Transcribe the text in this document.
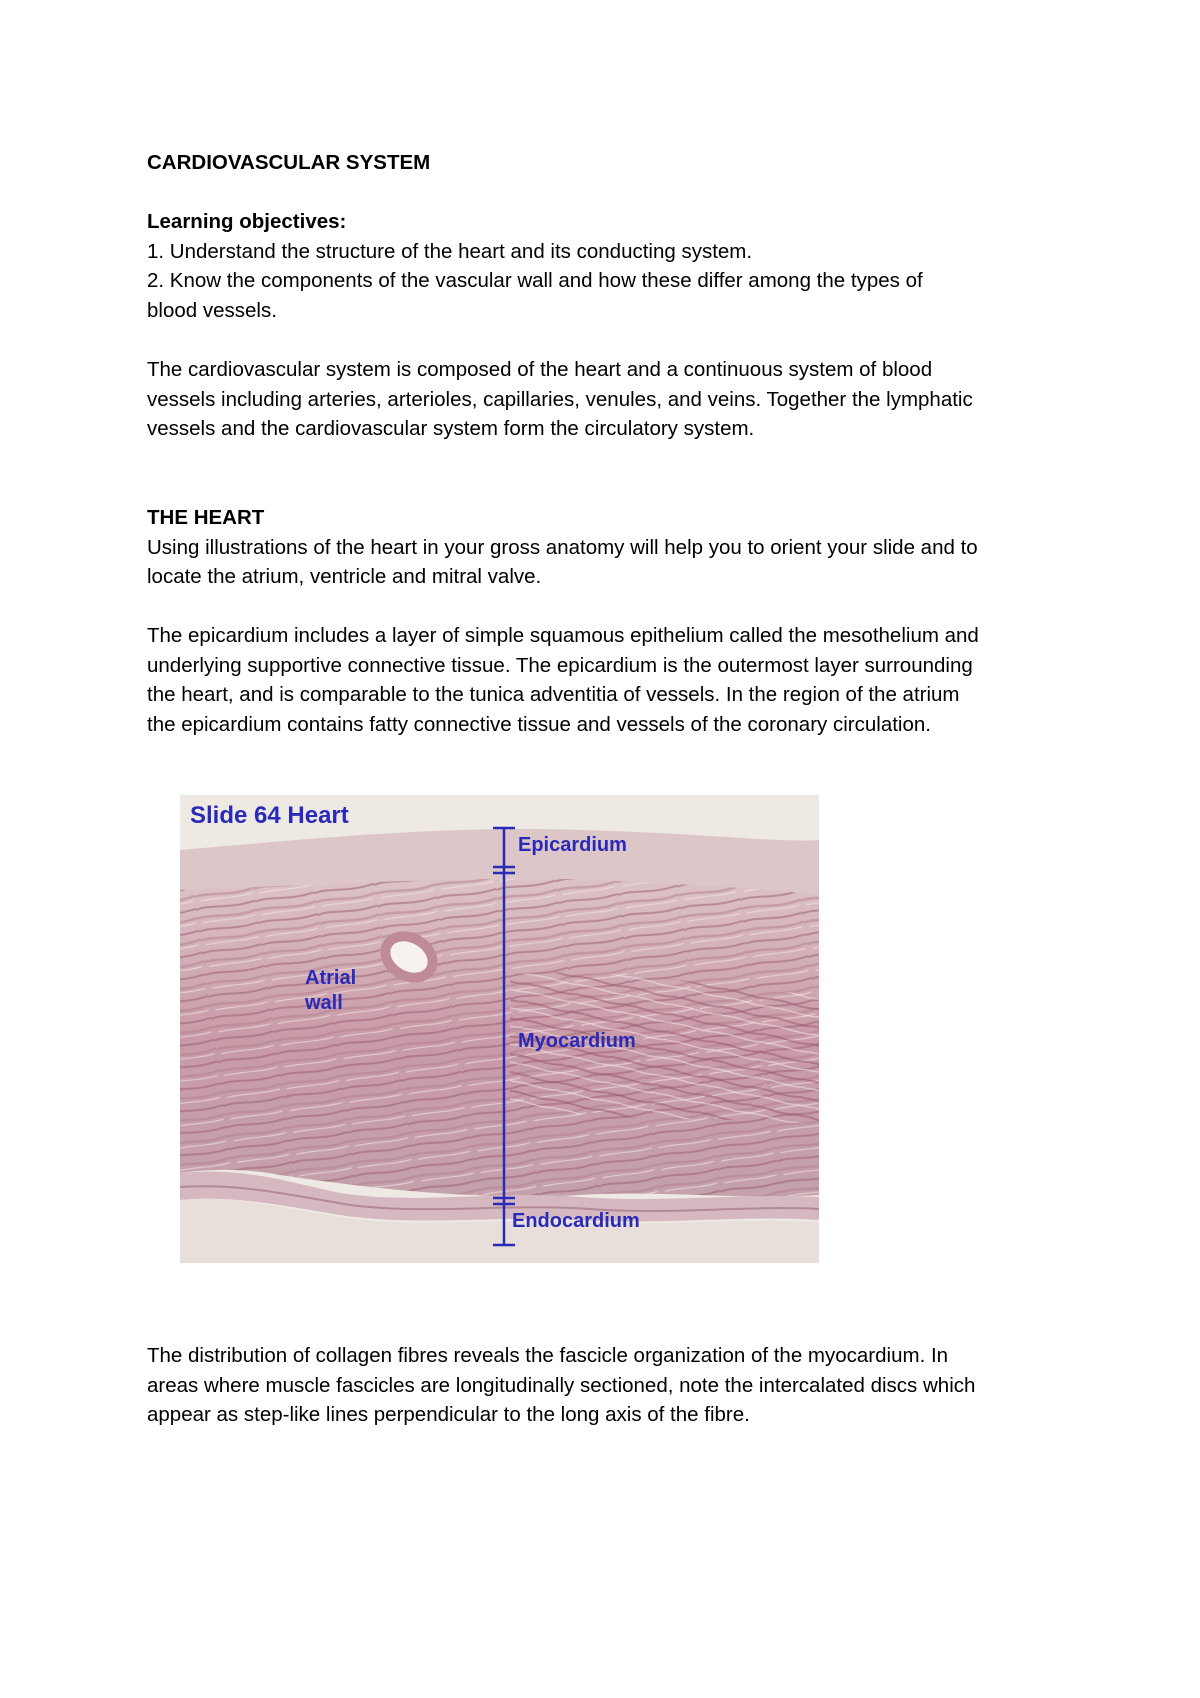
CARDIOVASCULAR SYSTEM

Learning objectives:

1. Understand the structure of the heart and its conducting system.

2. Know the components of the vascular wall and how these differ among the types of

blood vessels.

The cardiovascular system is composed of the heart and a continuous system of blood

vessels including arteries, arterioles, capillaries, venules, and veins. Together the lymphatic

vessels and the cardiovascular system form the circulatory system.

THE HEART

Using illustrations of the heart in your gross anatomy will help you to orient your slide and to

locate the atrium, ventricle and mitral valve.

The epicardium includes a layer of simple squamous epithelium called the mesothelium and

underlying supportive connective tissue. The epicardium is the outermost layer surrounding

the heart, and is comparable to the tunica adventitia of vessels. In the region of the atrium

the epicardium contains fatty connective tissue and vessels of the coronary circulation.

Slide 64 Heart
Epicardium
Atrial
wall
Myocardium
Endocardium

The distribution of collagen fibres reveals the fascicle organization of the myocardium. In

areas where muscle fascicles are longitudinally sectioned, note the intercalated discs which

appear as step-like lines perpendicular to the long axis of the fibre.
